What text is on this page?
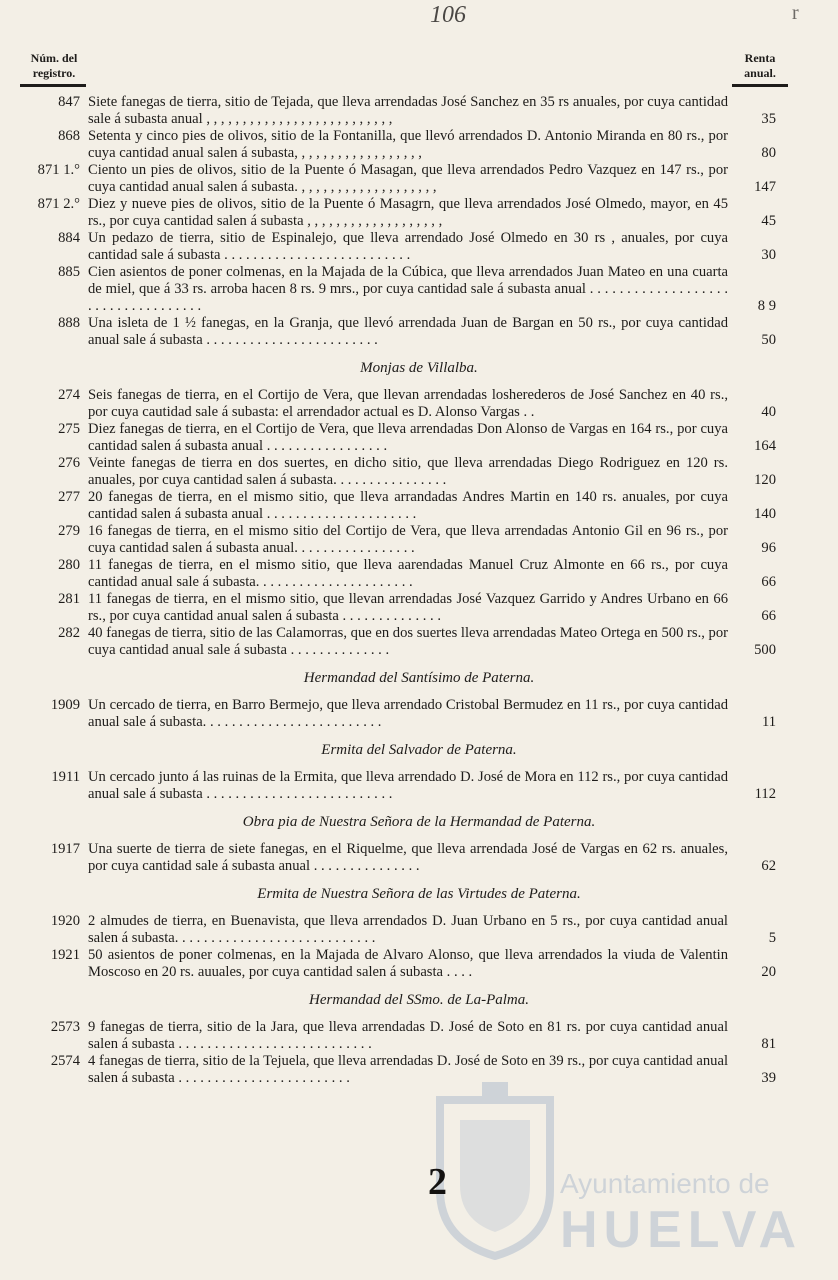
106	r
Núm. del
registro.
Renta
anual.

847 Siete fanegas de tierra, sitio de Tejada, que lleva arrendadas José Sanchez en 35 rs anuales, por cuya cantidad sale á subasta anual , , , , , , , , , , , , , , , , , , , , , , , , , ,	35

868 Setenta y cinco pies de olivos, sitio de la Fontanilla, que llevó arrendados D. Antonio Miranda en 80 rs., por cuya cantidad anual salen á subasta, , , , , , , , , , , , , , , , , ,	80

871 1.° Ciento un pies de olivos, sitio de la Puente ó Masagan, que lleva arrendados Pedro Vazquez en 147 rs., por cuya cantidad anual salen á subasta. , , , , , , , , , , , , , , , , , , ,	147

871 2.° Diez y nueve pies de olivos, sitio de la Puente ó Masagrn, que lleva arrendados José Olmedo, mayor, en 45 rs., por cuya cantidad salen á subasta , , , , , , , , , , , , , , , , , , ,	45

884 Un pedazo de tierra, sitio de Espinalejo, que lleva arrendado José Olmedo en 30 rs , anuales, por cuya cantidad sale á subasta . . . . . . . . . . . . . . . . . . . . . . . . . .	30

885 Cien asientos de poner colmenas, en la Majada de la Cúbica, que lleva arrendados Juan Mateo en una cuarta de miel, que á 33 rs. arroba hacen 8 rs. 9 mrs., por cuya cantidad sale á subasta anual . . . . . . . . . . . . . . . . . . . . . . . . . . . . . . . . . . .	8 9

888 Una isleta de 1 ½ fanegas, en la Granja, que llevó arrendada Juan de Bargan en 50 rs., por cuya cantidad anual sale á subasta . . . . . . . . . . . . . . . . . . . . . . . .	50

Monjas de Villalba.

274 Seis fanegas de tierra, en el Cortijo de Vera, que llevan arrendadas losherederos de José Sanchez en 40 rs., por cuya cautidad sale á subasta: el arrendador actual es D. Alonso Vargas . .	40

275 Diez fanegas de tierra, en el Cortijo de Vera, que lleva arrendadas Don Alonso de Vargas en 164 rs., por cuya cantidad salen á subasta anual . . . . . . . . . . . . . . . . .	164

276 Veinte fanegas de tierra en dos suertes, en dicho sitio, que lleva arrendadas Diego Rodriguez en 120 rs. anuales, por cuya cantidad salen á subasta. . . . . . . . . . . . . . . .	120

277 20 fanegas de tierra, en el mismo sitio, que lleva arrandadas Andres Martin en 140 rs. anuales, por cuya cantidad salen á subasta anual . . . . . . . . . . . . . . . . . . . . .	140

279 16 fanegas de tierra, en el mismo sitio del Cortijo de Vera, que lleva arrendadas Antonio Gil en 96 rs., por cuya cantidad salen á subasta anual. . . . . . . . . . . . . . . . .	96

280 11 fanegas de tierra, en el mismo sitio, que lleva aarendadas Manuel Cruz Almonte en 66 rs., por cuya cantidad anual sale á subasta. . . . . . . . . . . . . . . . . . . . . .	66

281 11 fanegas de tierra, en el mismo sitio, que llevan arrendadas José Vazquez Garrido y Andres Urbano en 66 rs., por cuya cantidad anual salen á subasta . . . . . . . . . . . . . .	66

282 40 fanegas de tierra, sitio de las Calamorras, que en dos suertes lleva arrendadas Mateo Ortega en 500 rs., por cuya cantidad anual sale á subasta . . . . . . . . . . . . . .	500

Hermandad del Santísimo de Paterna.

1909 Un cercado de tierra, en Barro Bermejo, que lleva arrendado Cristobal Bermudez en 11 rs., por cuya cantidad anual sale á subasta. . . . . . . . . . . . . . . . . . . . . . . . .	11

Ermita del Salvador de Paterna.

1911 Un cercado junto á las ruinas de la Ermita, que lleva arrendado D. José de Mora en 112 rs., por cuya cantidad anual sale á subasta . . . . . . . . . . . . . . . . . . . . . . . . . .	112

Obra pia de Nuestra Señora de la Hermandad de Paterna.

1917 Una suerte de tierra de siete fanegas, en el Riquelme, que lleva arrendada José de Vargas en 62 rs. anuales, por cuya cantidad sale á subasta anual . . . . . . . . . . . . . . .	62

Ermita de Nuestra Señora de las Virtudes de Paterna.

1920 2 almudes de tierra, en Buenavista, que lleva arrendados D. Juan Urbano en 5 rs., por cuya cantidad anual salen á subasta. . . . . . . . . . . . . . . . . . . . . . . . . . . .	5

1921 50 asientos de poner colmenas, en la Majada de Alvaro Alonso, que lleva arrendados la viuda de Valentin Moscoso en 20 rs. auuales, por cuya cantidad salen á subasta . . . .	20

Hermandad del SSmo. de La-Palma.

2573 9 fanegas de tierra, sitio de la Jara, que lleva arrendadas D. José de Soto en 81 rs. por cuya cantidad anual salen á subasta . . . . . . . . . . . . . . . . . . . . . . . . . . .	81

2574 4 fanegas de tierra, sitio de la Tejuela, que lleva arrendadas D. José de Soto en 39 rs., por cuya cantidad anual salen á subasta . . . . . . . . . . . . . . . . . . . . . . . .	39

Ayuntamiento de
HUELVA
2
